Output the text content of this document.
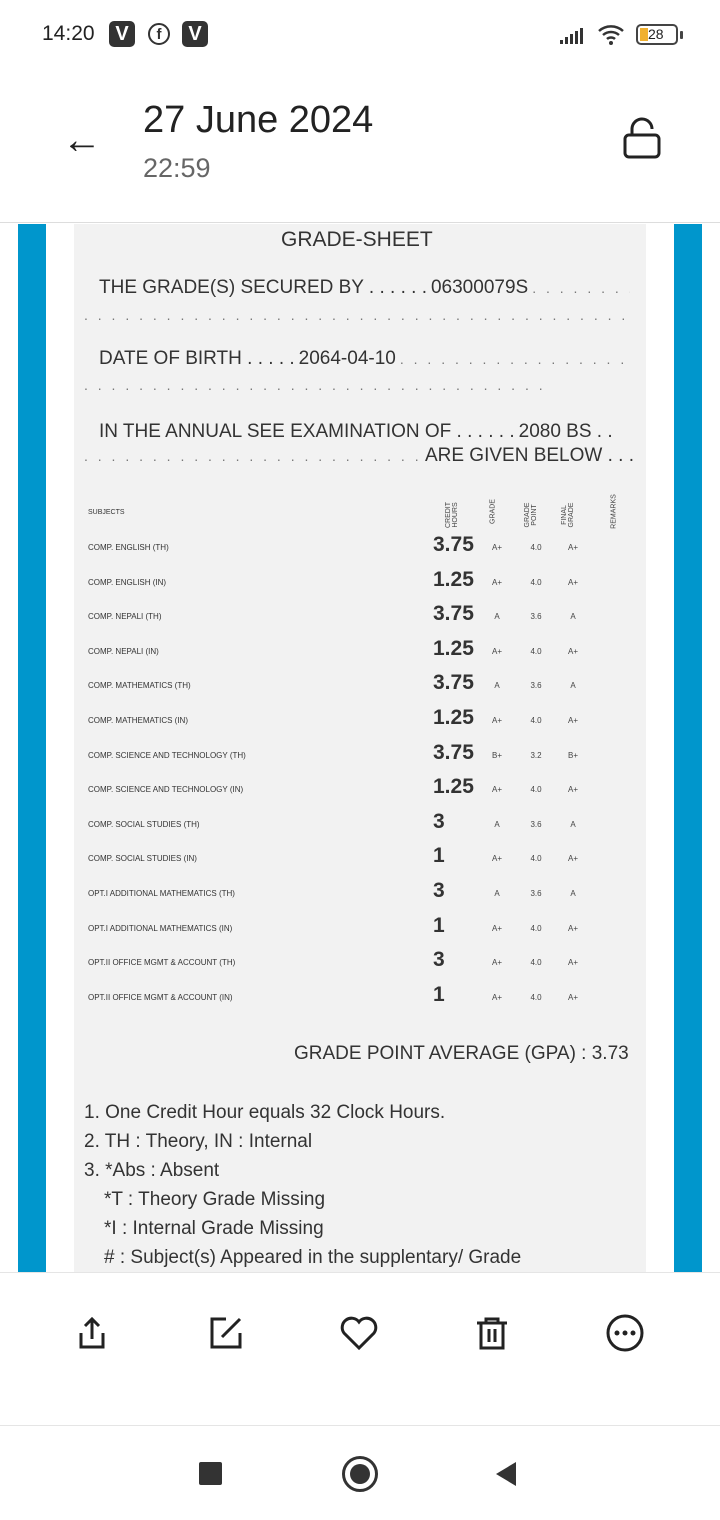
14:20	V	f	V	28
← 27 June 2024
22:59
GRADE-SHEET
THE GRADE(S) SECURED BY . . . . . . 06300079S
. . .
. . .
DATE OF BIRTH . . . . . 2064-04-10
. . .
. . .
IN THE ANNUAL SEE EXAMINATION OF . . . . . . 2080 BS . .
. . .
ARE GIVEN BELOW . . .
SUBJECTS	CREDIT HOURS	GRADE	GRADE POINT	FINAL GRADE	REMARKS
COMP. ENGLISH (TH)	3.75	A+	4.0	A+
COMP. ENGLISH (IN)	1.25	A+	4.0	A+
COMP. NEPALI (TH)	3.75	A	3.6	A
COMP. NEPALI (IN)	1.25	A+	4.0	A+
COMP. MATHEMATICS (TH)	3.75	A	3.6	A
COMP. MATHEMATICS (IN)	1.25	A+	4.0	A+
COMP. SCIENCE AND TECHNOLOGY (TH)	3.75	B+	3.2	B+
COMP. SCIENCE AND TECHNOLOGY (IN)	1.25	A+	4.0	A+
COMP. SOCIAL STUDIES (TH)	3	A	3.6	A
COMP. SOCIAL STUDIES (IN)	1	A+	4.0	A+
OPT.I ADDITIONAL MATHEMATICS (TH)	3	A	3.6	A
OPT.I ADDITIONAL MATHEMATICS (IN)	1	A+	4.0	A+
OPT.II OFFICE MGMT & ACCOUNT (TH)	3	A+	4.0	A+
OPT.II OFFICE MGMT & ACCOUNT (IN)	1	A+	4.0	A+
GRADE POINT AVERAGE (GPA) : 3.73
1. One Credit Hour equals 32 Clock Hours.
2. TH : Theory, IN : Internal
3. *Abs : Absent
*T : Theory Grade Missing
*I : Internal Grade Missing
# : Subject(s) Appeared in the supplentary/ Grade
